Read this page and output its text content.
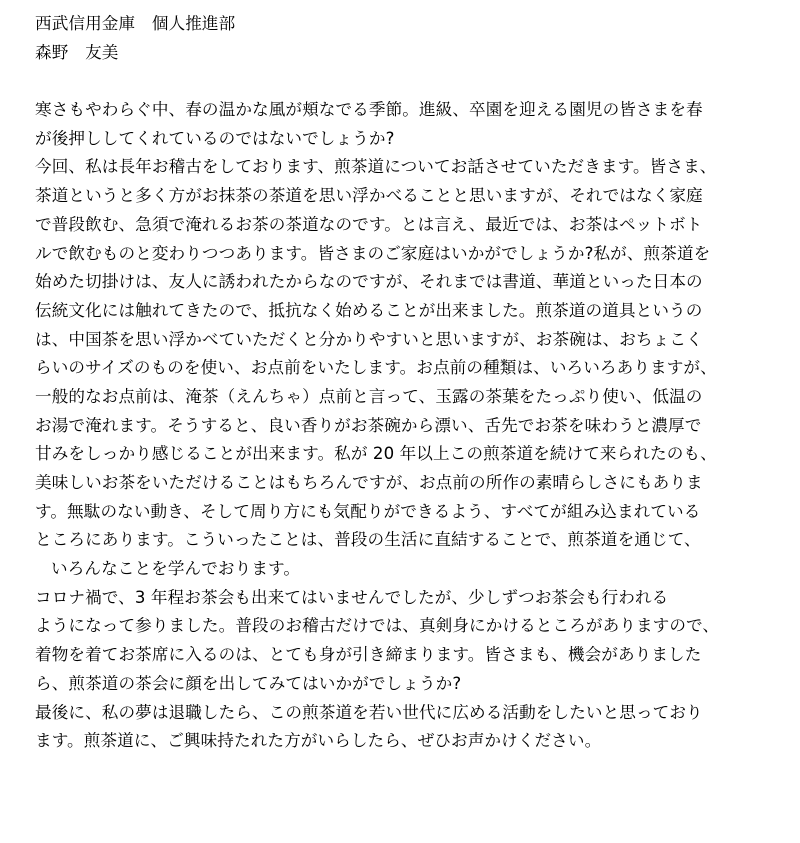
西武信用金庫　個人推進部
森野　友美
寒さもやわらぐ中、春の温かな風が頬なでる季節。進級、卒園を迎える園児の皆さまを春
が後押ししてくれているのではないでしょうか?
今回、私は長年お稽古をしております、煎茶道についてお話させていただきます。皆さま、
茶道というと多く方がお抹茶の茶道を思い浮かべることと思いますが、それではなく家庭
で普段飲む、急須で淹れるお茶の茶道なのです。とは言え、最近では、お茶はペットボト
ルで飲むものと変わりつつあります。皆さまのご家庭はいかがでしょうか?私が、煎茶道を
始めた切掛けは、友人に誘われたからなのですが、それまでは書道、華道といった日本の
伝統文化には触れてきたので、抵抗なく始めることが出来ました。煎茶道の道具というの
は、中国茶を思い浮かべていただくと分かりやすいと思いますが、お茶碗は、おちょこく
らいのサイズのものを使い、お点前をいたします。お点前の種類は、いろいろありますが、
一般的なお点前は、淹茶（えんちゃ）点前と言って、玉露の茶葉をたっぷり使い、低温の
お湯で淹れます。そうすると、良い香りがお茶碗から漂い、舌先でお茶を味わうと濃厚で
甘みをしっかり感じることが出来ます。私が 20 年以上この煎茶道を続けて来られたのも、
美味しいお茶をいただけることはもちろんですが、お点前の所作の素晴らしさにもありま
す。無駄のない動き、そして周り方にも気配りができるよう、すべてが組み込まれている
ところにあります。こういったことは、普段の生活に直結することで、煎茶道を通じて、
いろんなことを学んでおります。
コロナ禍で、3 年程お茶会も出来てはいませんでしたが、少しずつお茶会も行われる
ようになって参りました。普段のお稽古だけでは、真剣身にかけるところがありますので、
着物を着てお茶席に入るのは、とても身が引き締まります。皆さまも、機会がありました
ら、煎茶道の茶会に顔を出してみてはいかがでしょうか?
最後に、私の夢は退職したら、この煎茶道を若い世代に広める活動をしたいと思っており
ます。煎茶道に、ご興味持たれた方がいらしたら、ぜひお声かけください。
